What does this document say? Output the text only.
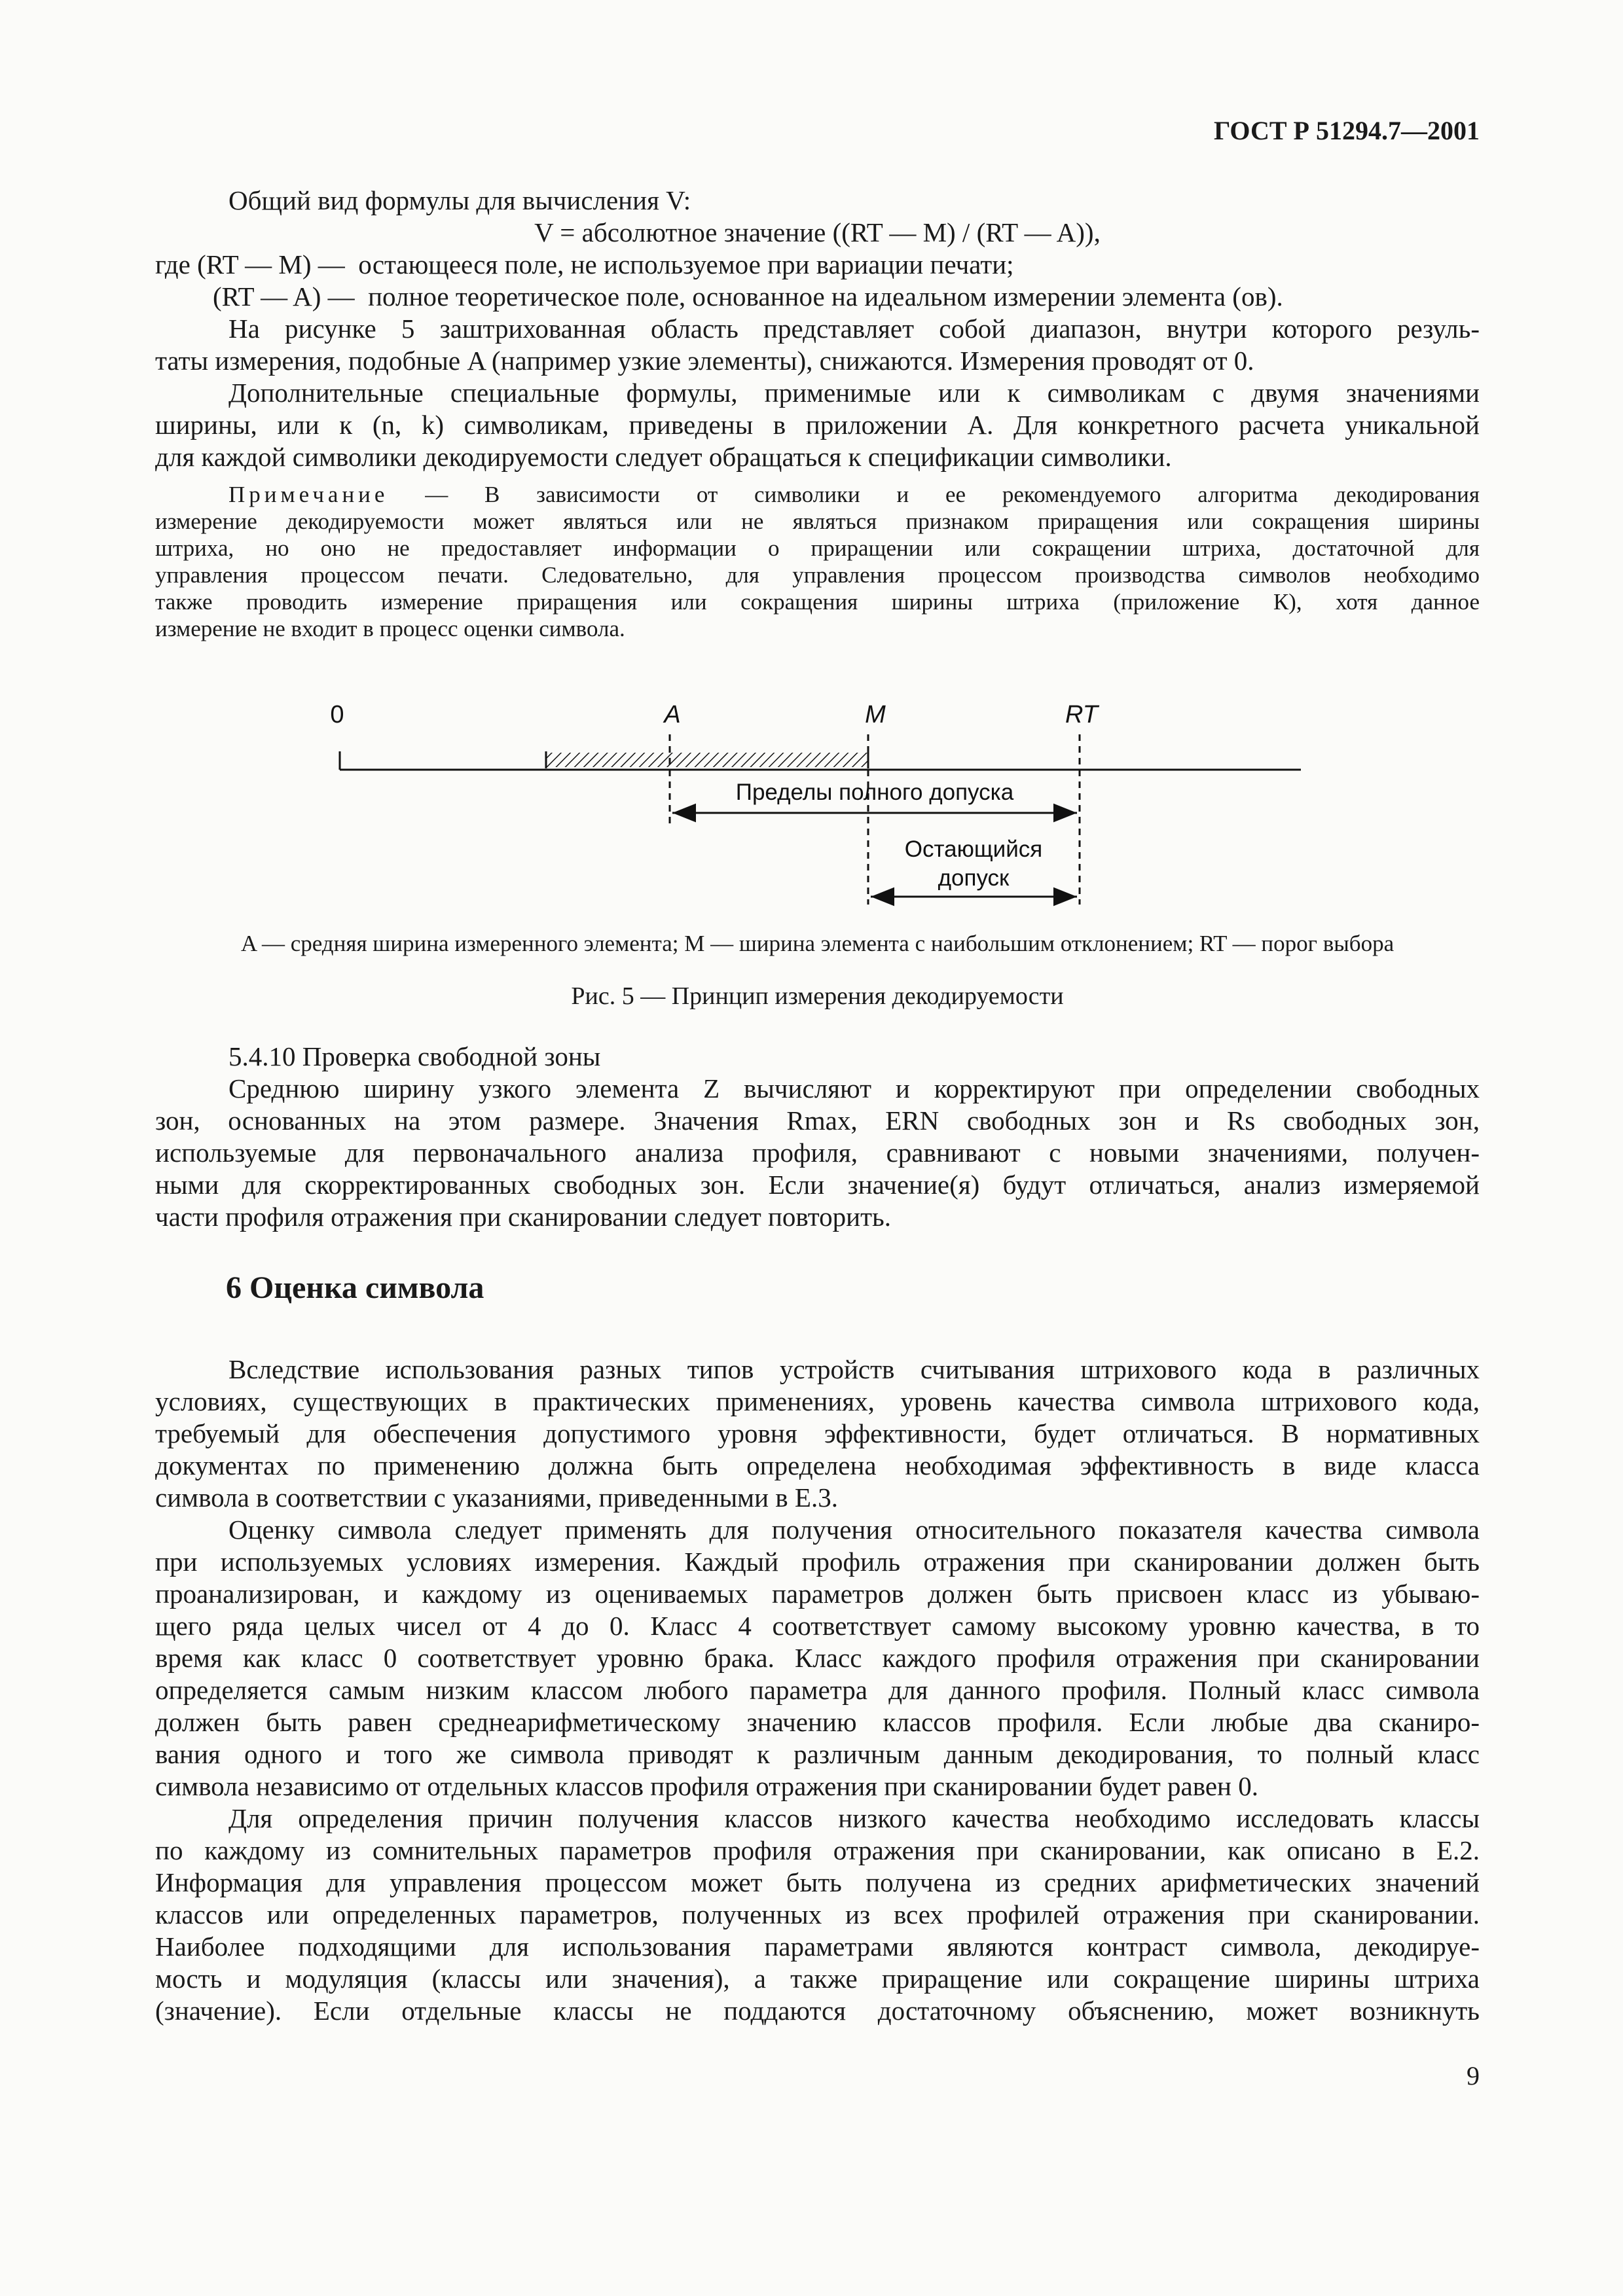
ГОСТ Р 51294.7—2001

Общий вид формулы для вычисления V:

V = абсолютное значение ((RT — M) / (RT — A)),

где (RT — M) — остающееся поле, не используемое при вариации печати;

(RT — A) — полное теоретическое поле, основанное на идеальном измерении элемента (ов).

На рисунке 5 заштрихованная область представляет собой диапазон, внутри которого резуль-

таты измерения, подобные A (например узкие элементы), снижаются. Измерения проводят от 0.

Дополнительные специальные формулы, применимые или к символикам с двумя значениями

ширины, или к (n, k) символикам, приведены в приложении А. Для конкретного расчета уникальной

для каждой символики декодируемости следует обращаться к спецификации символики.

Примечание — В зависимости от символики и ее рекомендуемого алгоритма декодирования

измерение декодируемости может являться или не являться признаком приращения или сокращения ширины

штриха, но оно не предоставляет информации о приращении или сокращении штриха, достаточной для

управления процессом печати. Следовательно, для управления процессом производства символов необходимо

также проводить измерение приращения или сокращения ширины штриха (приложение К), хотя данное

измерение не входит в процесс оценки символа.

0	A	M	RT
Пределы полного допуска
Остающийся
допуск
A — средняя ширина измеренного элемента; M — ширина элемента с наибольшим отклонением; RT — порог выбора
Рис. 5 — Принцип измерения декодируемости

5.4.10 Проверка свободной зоны

Среднюю ширину узкого элемента Z вычисляют и корректируют при определении свободных

зон, основанных на этом размере. Значения Rmax, ERN свободных зон и Rs свободных зон,

используемые для первоначального анализа профиля, сравнивают с новыми значениями, получен-

ными для скорректированных свободных зон. Если значение(я) будут отличаться, анализ измеряемой

части профиля отражения при сканировании следует повторить.

6 Оценка символа

Вследствие использования разных типов устройств считывания штрихового кода в различных

условиях, существующих в практических применениях, уровень качества символа штрихового кода,

требуемый для обеспечения допустимого уровня эффективности, будет отличаться. В нормативных

документах по применению должна быть определена необходимая эффективность в виде класса

символа в соответствии с указаниями, приведенными в Е.3.

Оценку символа следует применять для получения относительного показателя качества символа

при используемых условиях измерения. Каждый профиль отражения при сканировании должен быть

проанализирован, и каждому из оцениваемых параметров должен быть присвоен класс из убываю-

щего ряда целых чисел от 4 до 0. Класс 4 соответствует самому высокому уровню качества, в то

время как класс 0 соответствует уровню брака. Класс каждого профиля отражения при сканировании

определяется самым низким классом любого параметра для данного профиля. Полный класс символа

должен быть равен среднеарифметическому значению классов профиля. Если любые два сканиро-

вания одного и того же символа приводят к различным данным декодирования, то полный класс

символа независимо от отдельных классов профиля отражения при сканировании будет равен 0.

Для определения причин получения классов низкого качества необходимо исследовать классы

по каждому из сомнительных параметров профиля отражения при сканировании, как описано в Е.2.

Информация для управления процессом может быть получена из средних арифметических значений

классов или определенных параметров, полученных из всех профилей отражения при сканировании.

Наиболее подходящими для использования параметрами являются контраст символа, декодируе-

мость и модуляция (классы или значения), а также приращение или сокращение ширины штриха

(значение). Если отдельные классы не поддаются достаточному объяснению, может возникнуть

9
